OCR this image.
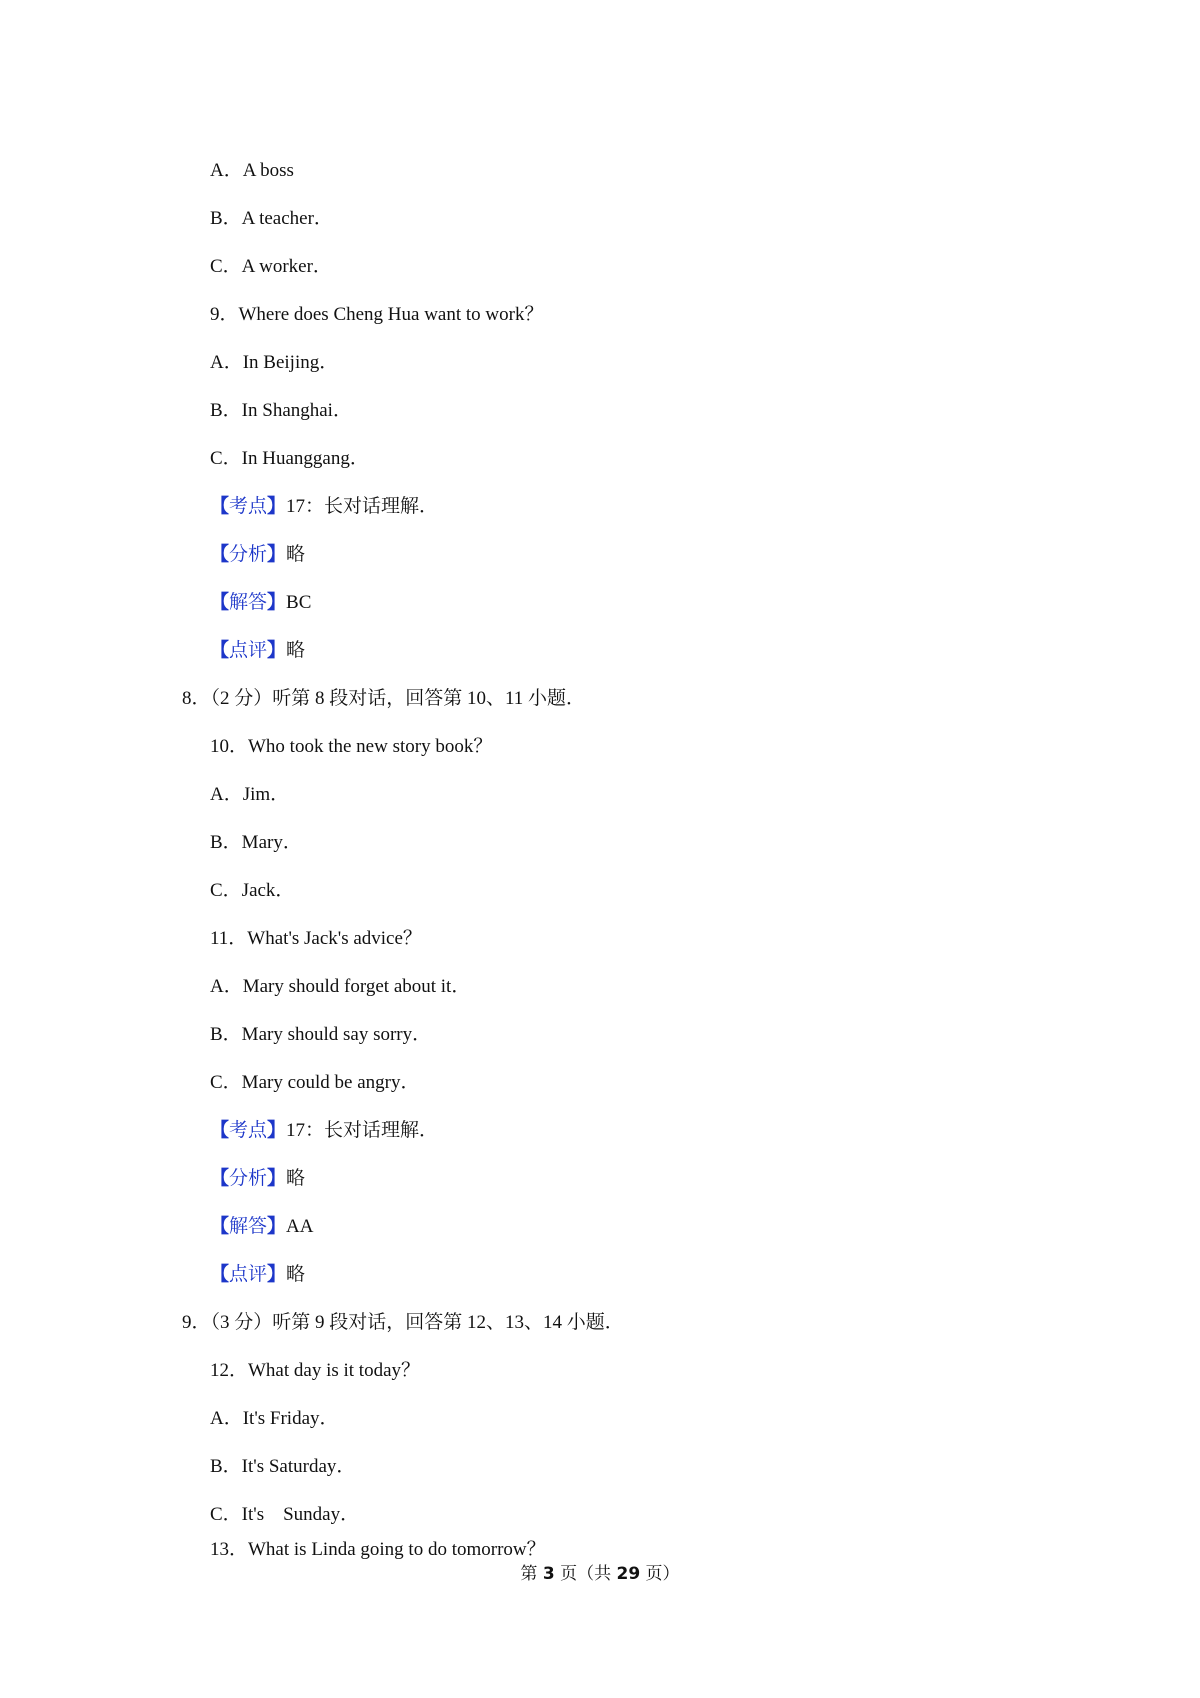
A．A boss
B．A teacher．
C．A worker．
9．Where does Cheng Hua want to work？
A．In Beijing．
B．In Shanghai．
C．In Huanggang．
【考点】17：长对话理解．
【分析】略
【解答】BC
【点评】略
8．（2 分）听第 8 段对话，回答第 10、11 小题．
10．Who took the new story book？
A．Jim．
B．Mary．
C．Jack．
11．What's Jack's advice？
A．Mary should forget about it．
B．Mary should say sorry．
C．Mary could be angry．
【考点】17：长对话理解．
【分析】略
【解答】AA
【点评】略
9．（3 分）听第 9 段对话，回答第 12、13、14 小题．
12．What day is it today？
A．It's Friday．
B．It's Saturday．
C．It's    Sunday．
13．What is Linda going to do tomorrow？
第 3 页（共 29 页）
